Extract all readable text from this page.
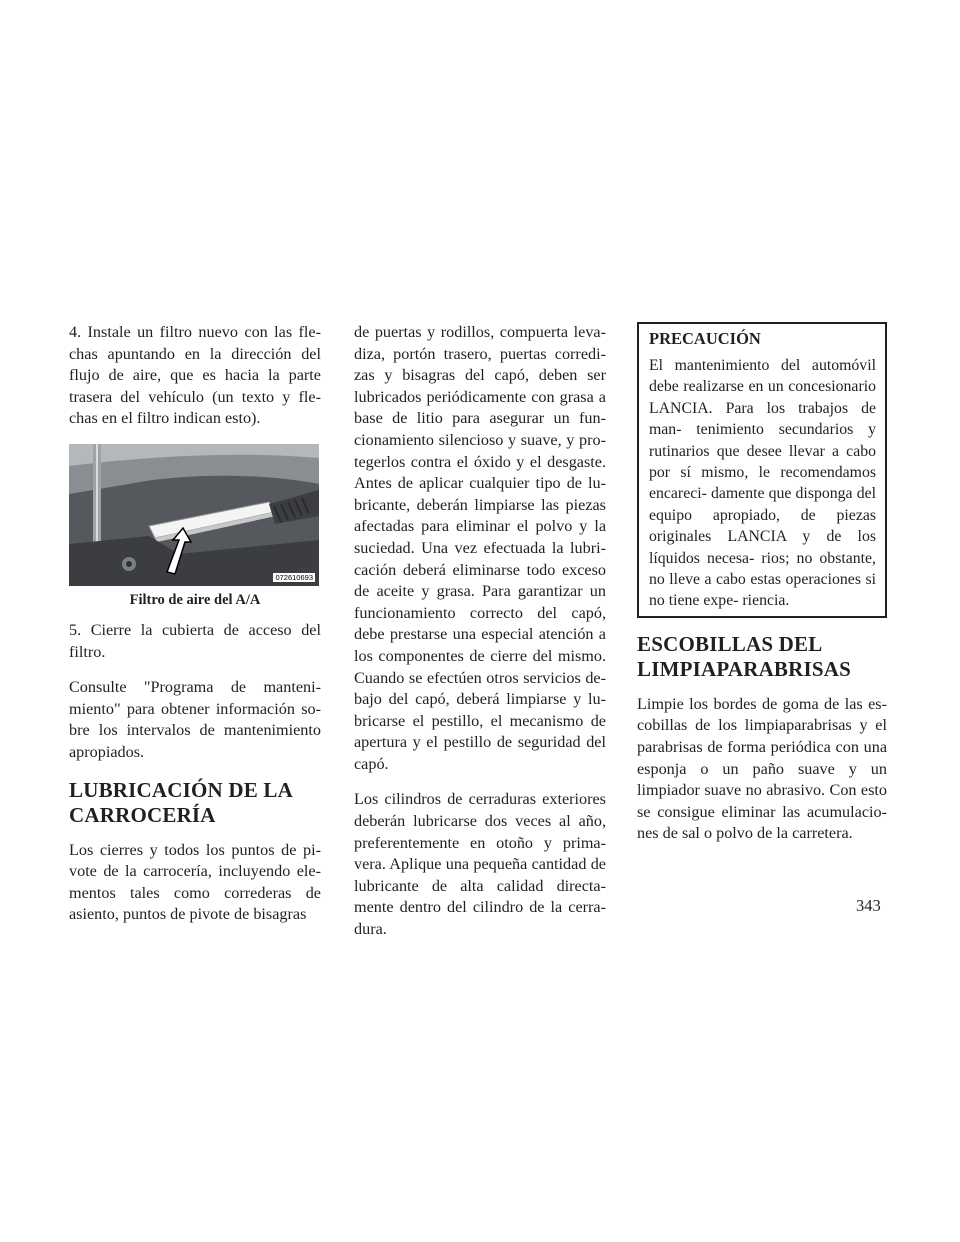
4. Instale un filtro nuevo con las fle- chas apuntando en la dirección del flujo de aire, que es hacia la parte trasera del vehículo (un texto y fle- chas en el filtro indican esto).

072610693
Filtro de aire del A/A

5. Cierre la cubierta de acceso del filtro.

Consulte "Programa de manteni- miento" para obtener información so- bre los intervalos de mantenimiento apropiados.

LUBRICACIÓN DE LA
CARROCERÍA

Los cierres y todos los puntos de pi- vote de la carrocería, incluyendo ele- mentos tales como correderas de asiento, puntos de pivote de bisagras

de puertas y rodillos, compuerta leva- diza, portón trasero, puertas corredi- zas y bisagras del capó, deben ser lubricados periódicamente con grasa a base de litio para asegurar un fun- cionamiento silencioso y suave, y pro- tegerlos contra el óxido y el desgaste. Antes de aplicar cualquier tipo de lu- bricante, deberán limpiarse las piezas afectadas para eliminar el polvo y la suciedad. Una vez efectuada la lubri- cación deberá eliminarse todo exceso de aceite y grasa. Para garantizar un funcionamiento correcto del capó, debe prestarse una especial atención a los componentes de cierre del mismo. Cuando se efectúen otros servicios de- bajo del capó, deberá limpiarse y lu- bricarse el pestillo, el mecanismo de apertura y el pestillo de seguridad del capó.

Los cilindros de cerraduras exteriores deberán lubricarse dos veces al año, preferentemente en otoño y prima- vera. Aplique una pequeña cantidad de lubricante de alta calidad directa- mente dentro del cilindro de la cerra- dura.

PRECAUCIÓN

El mantenimiento del automóvil debe realizarse en un concesionario LANCIA. Para los trabajos de man- tenimiento secundarios y rutinarios que desee llevar a cabo por sí mismo, le recomendamos encareci- damente que disponga del equipo apropiado, de piezas originales LANCIA y de los líquidos necesa- rios; no obstante, no lleve a cabo estas operaciones si no tiene expe- riencia.

ESCOBILLAS DEL
LIMPIAPARABRISAS

Limpie los bordes de goma de las es- cobillas de los limpiaparabrisas y el parabrisas de forma periódica con una esponja o un paño suave y un limpiador suave no abrasivo. Con esto se consigue eliminar las acumulacio- nes de sal o polvo de la carretera.

343
